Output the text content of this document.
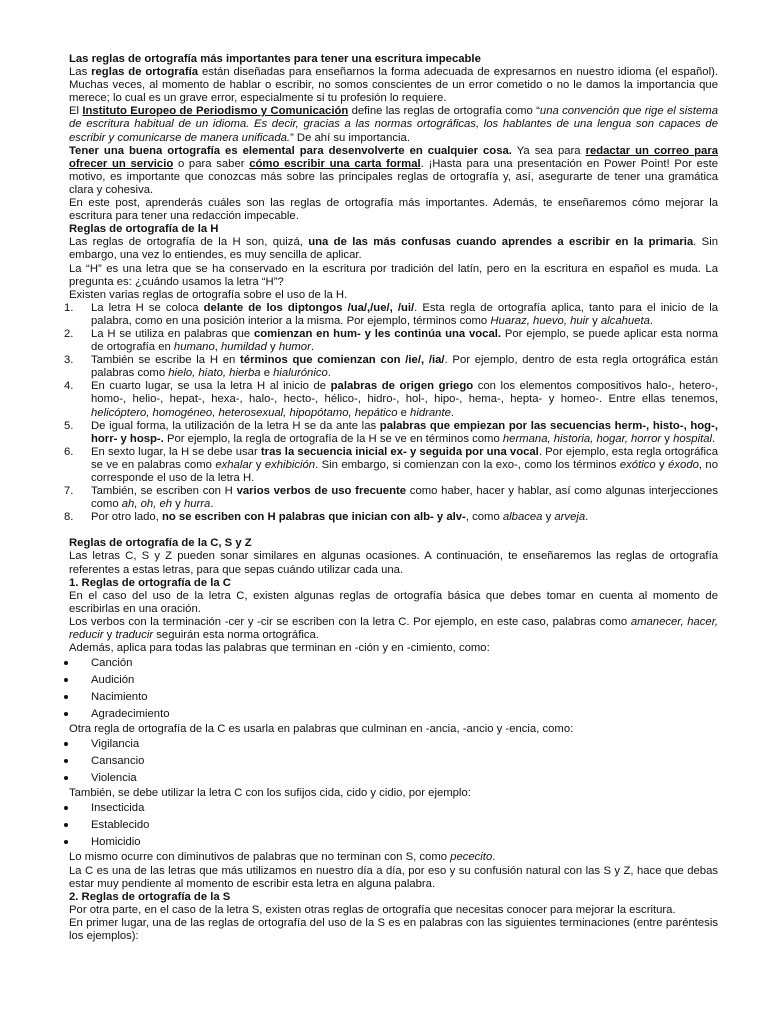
Las reglas de ortografía más importantes para tener una escritura impecable

Las reglas de ortografía están diseñadas para enseñarnos la forma adecuada de expresarnos en nuestro idioma (el español). Muchas veces, al momento de hablar o escribir, no somos conscientes de un error cometido o no le damos la importancia que merece; lo cual es un grave error, especialmente si tu profesión lo requiere.

El Instituto Europeo de Periodismo y Comunicación define las reglas de ortografía como “una convención que rige el sistema de escritura habitual de un idioma. Es decir, gracias a las normas ortográficas, los hablantes de una lengua son capaces de escribir y comunicarse de manera unificada.” De ahí su importancia.

Tener una buena ortografía es elemental para desenvolverte en cualquier cosa. Ya sea para redactar un correo para ofrecer un servicio o para saber cómo escribir una carta formal. ¡Hasta para una presentación en Power Point! Por este motivo, es importante que conozcas más sobre las principales reglas de ortografía y, así, asegurarte de tener una gramática clara y cohesiva.

En este post, aprenderás cuáles son las reglas de ortografía más importantes. Además, te enseñaremos cómo mejorar la escritura para tener una redacción impecable.

Reglas de ortografía de la H

Las reglas de ortografía de la H son, quizá, una de las más confusas cuando aprendes a escribir en la primaria. Sin embargo, una vez lo entiendes, es muy sencilla de aplicar.

La “H” es una letra que se ha conservado en la escritura por tradición del latín, pero en la escritura en español es muda. La pregunta es: ¿cuándo usamos la letra “H”?

Existen varias reglas de ortografía sobre el uso de la H.

1. La letra H se coloca delante de los diptongos /ua/,/ue/, /ui/. Esta regla de ortografía aplica, tanto para el inicio de la palabra, como en una posición interior a la misma. Por ejemplo, términos como Huaraz, huevo, huir y alcahueta.
2. La H se utiliza en palabras que comienzan en hum- y les continúa una vocal. Por ejemplo, se puede aplicar esta norma de ortografía en humano, humildad y humor.
3. También se escribe la H en términos que comienzan con /ie/, /ia/. Por ejemplo, dentro de esta regla ortográfica están palabras como hielo, hiato, hierba e hialurónico.
4. En cuarto lugar, se usa la letra H al inicio de palabras de origen griego con los elementos compositivos halo-, hetero-, homo-, helio-, hepat-, hexa-, halo-, hecto-, hélico-, hidro-, hol-, hipo-, hema-, hepta- y homeo-. Entre ellas tenemos, helicóptero, homogéneo, heterosexual, hipopótamo, hepático e hidrante.
5. De igual forma, la utilización de la letra H se da ante las palabras que empiezan por las secuencias herm-, histo-, hog-, horr- y hosp-. Por ejemplo, la regla de ortografía de la H se ve en términos como hermana, historia, hogar, horror y hospital.
6. En sexto lugar, la H se debe usar tras la secuencia inicial ex- y seguida por una vocal. Por ejemplo, esta regla ortográfica se ve en palabras como exhalar y exhibición. Sin embargo, si comienzan con la exo-, como los términos exótico y éxodo, no corresponde el uso de la letra H.
7. También, se escriben con H varios verbos de uso frecuente como haber, hacer y hablar, así como algunas interjecciones como ah, oh, eh y hurra.
8. Por otro lado, no se escriben con H palabras que inician con alb- y alv-, como albacea y arveja.
Reglas de ortografía de la C, S y Z

Las letras C, S y Z pueden sonar similares en algunas ocasiones. A continuación, te enseñaremos las reglas de ortografía referentes a estas letras, para que sepas cuándo utilizar cada una.

1. Reglas de ortografía de la C

En el caso del uso de la letra C, existen algunas reglas de ortografía básica que debes tomar en cuenta al momento de escribirlas en una oración.

Los verbos con la terminación -cer y -cir se escriben con la letra C. Por ejemplo, en este caso, palabras como amanecer, hacer, reducir y traducir seguirán esta norma ortográfica.

Además, aplica para todas las palabras que terminan en -ción y en -cimiento, como:

Canción
Audición
Nacimiento
Agradecimiento

Otra regla de ortografía de la C es usarla en palabras que culminan en -ancia, -ancio y -encia, como:

Vigilancia
Cansancio
Violencia

También, se debe utilizar la letra C con los sufijos cida, cido y cidio, por ejemplo:

Insecticida
Establecido
Homicidio

Lo mismo ocurre con diminutivos de palabras que no terminan con S, como pececito.

La C es una de las letras que más utilizamos en nuestro día a día, por eso y su confusión natural con las S y Z, hace que debas estar muy pendiente al momento de escribir esta letra en alguna palabra.

2. Reglas de ortografía de la S

Por otra parte, en el caso de la letra S, existen otras reglas de ortografía que necesitas conocer para mejorar la escritura.

En primer lugar, una de las reglas de ortografía del uso de la S es en palabras con las siguientes terminaciones (entre paréntesis los ejemplos):
